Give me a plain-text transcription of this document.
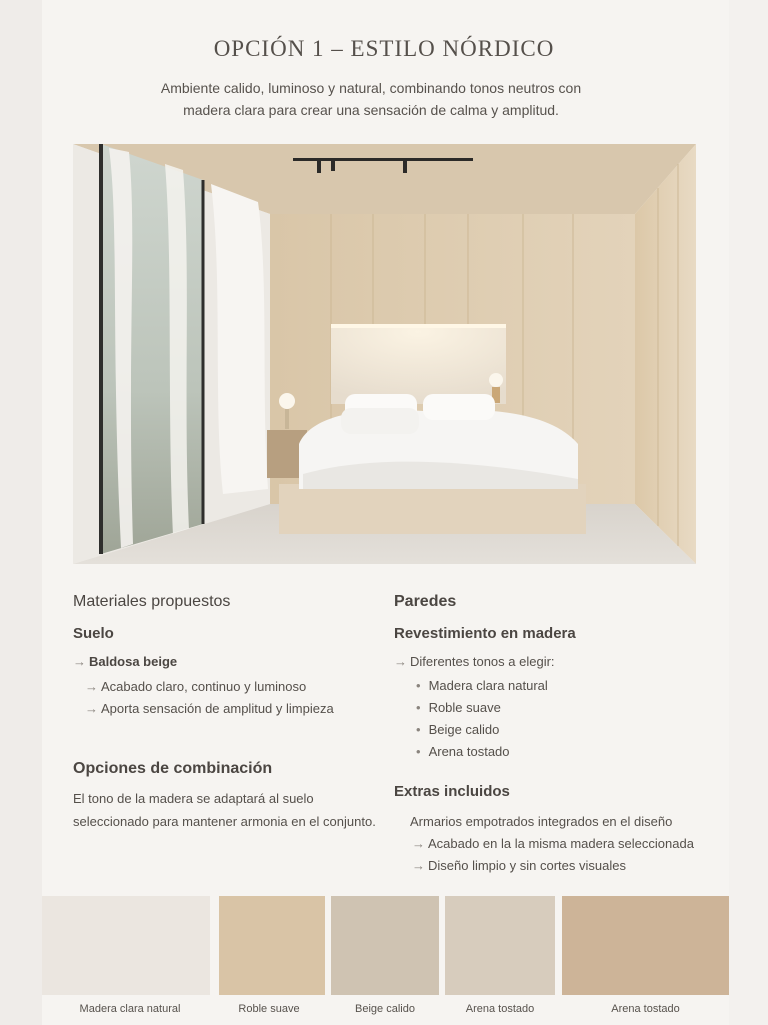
OPCIÓN 1 – ESTILO NÓRDICO
Ambiente calido, luminoso y natural, combinando tonos neutros con
madera clara para crear una sensación de calma y amplitud.
Materiales propuestos
Suelo
→ Baldosa beige
→ Acabado claro, continuo y luminoso
→ Aporta sensación de amplitud y limpieza
Opciones de combinación
El tono de la madera se adaptará al suelo
seleccionado para mantener armonia en el conjunto.
Paredes
Revestimiento en madera
→ Diferentes tonos a elegir:
• Madera clara natural
• Roble suave
• Beige calido
• Arena tostado
Extras incluidos
Armarios empotrados integrados en el diseño
→ Acabado en la la misma madera seleccionada
→ Diseño limpio y sin cortes visuales
Madera clara natural	Roble suave	Beige calido	Arena tostado	Arena tostado
